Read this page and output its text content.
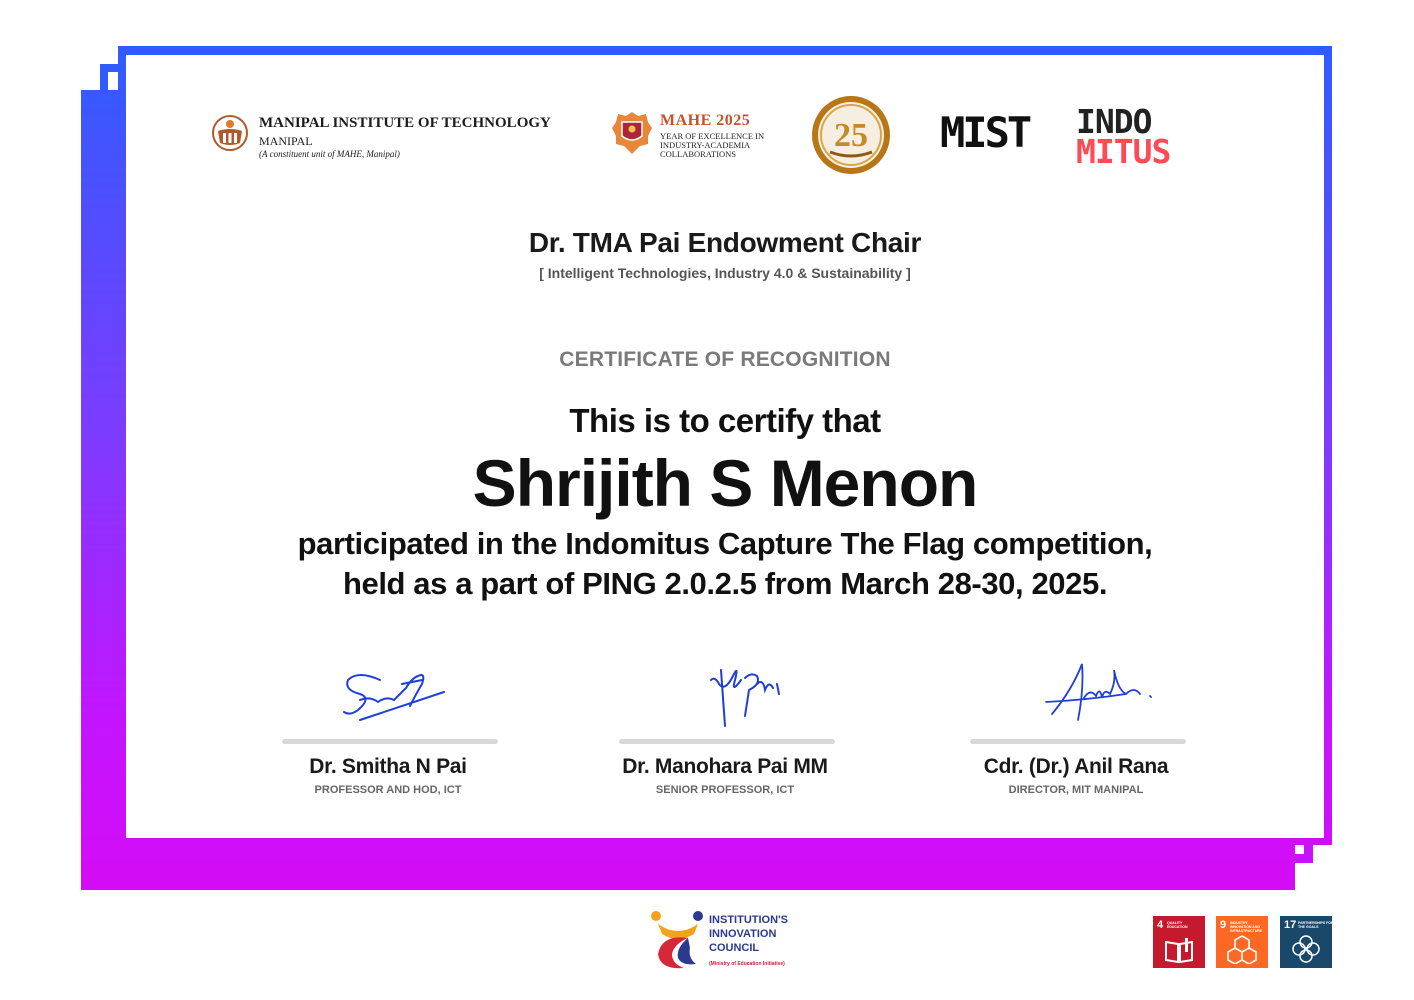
MANIPAL INSTITUTE OF TECHNOLOGY
MANIPAL
(A constituent unit of MAHE, Manipal)
MAHE 2025
YEAR OF EXCELLENCE IN
INDUSTRY-ACADEMIA
COLLABORATIONS	25 MIST INDO
MITUS
Dr. TMA Pai Endowment Chair
[ Intelligent Technologies, Industry 4.0 & Sustainability ]
CERTIFICATE OF RECOGNITION
This is to certify that
Shrijith S Menon
participated in the Indomitus Capture The Flag competition, held as a part of PING 2.0.2.5 from March 28-30, 2025.
Dr. Smitha N Pai
PROFESSOR AND HOD, ICT
Dr. Manohara Pai MM
SENIOR PROFESSOR, ICT
Cdr. (Dr.) Anil Rana
DIRECTOR, MIT MANIPAL
INSTITUTION'S
INNOVATION
COUNCIL
(Ministry of Education Initiative)
4 QUALITY EDUCATION	9 INDUSTRY, INNOVATION AND INFRASTRUCTURE	17 PARTNERSHIPS FOR THE GOALS
